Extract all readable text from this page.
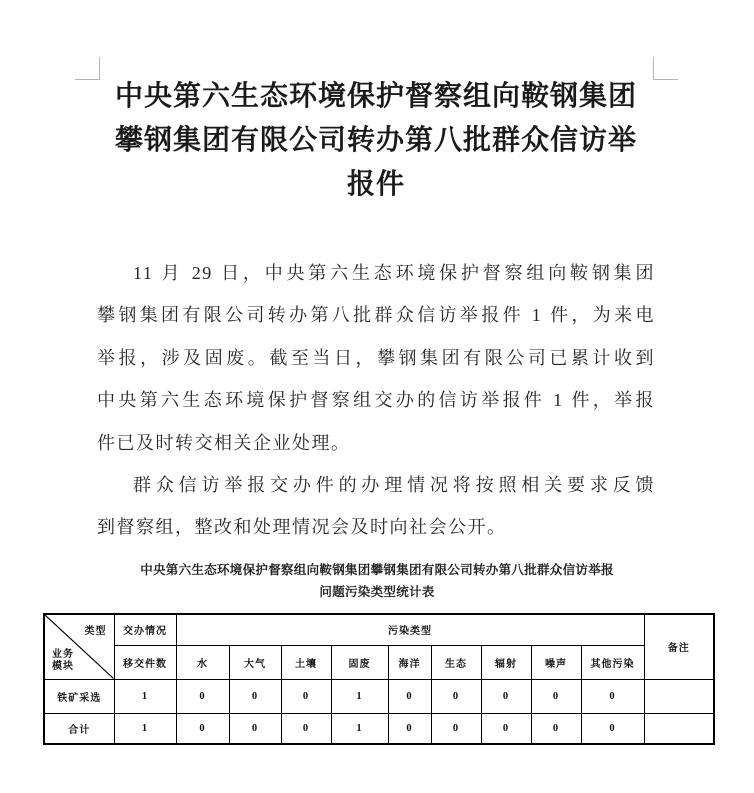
中央第六生态环境保护督察组向鞍钢集团
攀钢集团有限公司转办第八批群众信访举
报件
11 月 29 日，中央第六生态环境保护督察组向鞍钢集团
攀钢集团有限公司转办第八批群众信访举报件 1 件，为来电
举报，涉及固废。截至当日，攀钢集团有限公司已累计收到
中央第六生态环境保护督察组交办的信访举报件 1 件，举报
件已及时转交相关企业处理。
群众信访举报交办件的办理情况将按照相关要求反馈
到督察组，整改和处理情况会及时向社会公开。
中央第六生态环境保护督察组向鞍钢集团攀钢集团有限公司转办第八批群众信访举报
问题污染类型统计表
类型
业务
模块	交办情况	污染类型									备注
	移交件数	水	大气	土壤	固废	海洋	生态	辐射	噪声	其他污染	
铁矿采选	1	0	0	0	1	0	0	0	0	0	
合计	1	0	0	0	1	0	0	0	0	0	
